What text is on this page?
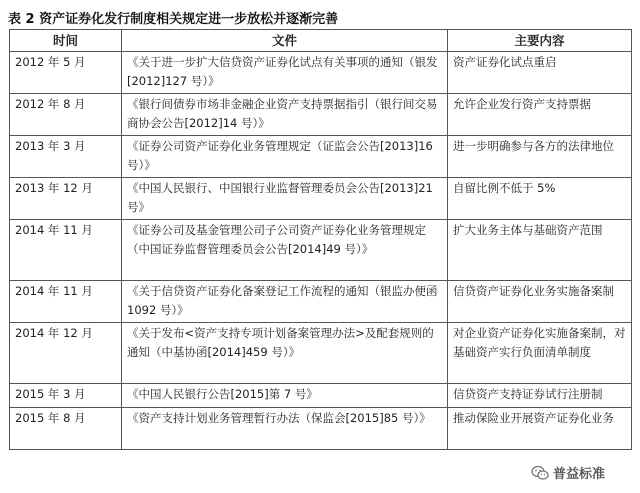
表 2 资产证券化发行制度相关规定进一步放松并逐渐完善
时间	文件	主要内容
2012 年 5 月	《关于进一步扩大信贷资产证券化试点有关事项的通知（银发[2012]127 号）》	资产证券化试点重启
2012 年 8 月	《银行间债券市场非金融企业资产支持票据指引（银行间交易商协会公告[2012]14 号）》	允许企业发行资产支持票据
2013 年 3 月	《证券公司资产证券化业务管理规定（证监会公告[2013]16 号）》	进一步明确参与各方的法律地位
2013 年 12 月	《中国人民银行、中国银行业监督管理委员会公告[2013]21 号》	自留比例不低于 5%
2014 年 11 月	《证券公司及基金管理公司子公司资产证券化业务管理规定（中国证券监督管理委员会公告[2014]49 号）》	扩大业务主体与基础资产范围
2014 年 11 月	《关于信贷资产证券化备案登记工作流程的通知（银监办便函 1092 号）》	信贷资产证券化业务实施备案制
2014 年 12 月	《关于发布<资产支持专项计划备案管理办法>及配套规则的通知（中基协函[2014]459 号）》	对企业资产证券化实施备案制，对基础资产实行负面清单制度
2015 年 3 月	《中国人民银行公告[2015]第 7 号》	信贷资产支持证券试行注册制
2015 年 8 月	《资产支持计划业务管理暂行办法（保监会[2015]85 号）》	推动保险业开展资产证券化业务
普益标准
